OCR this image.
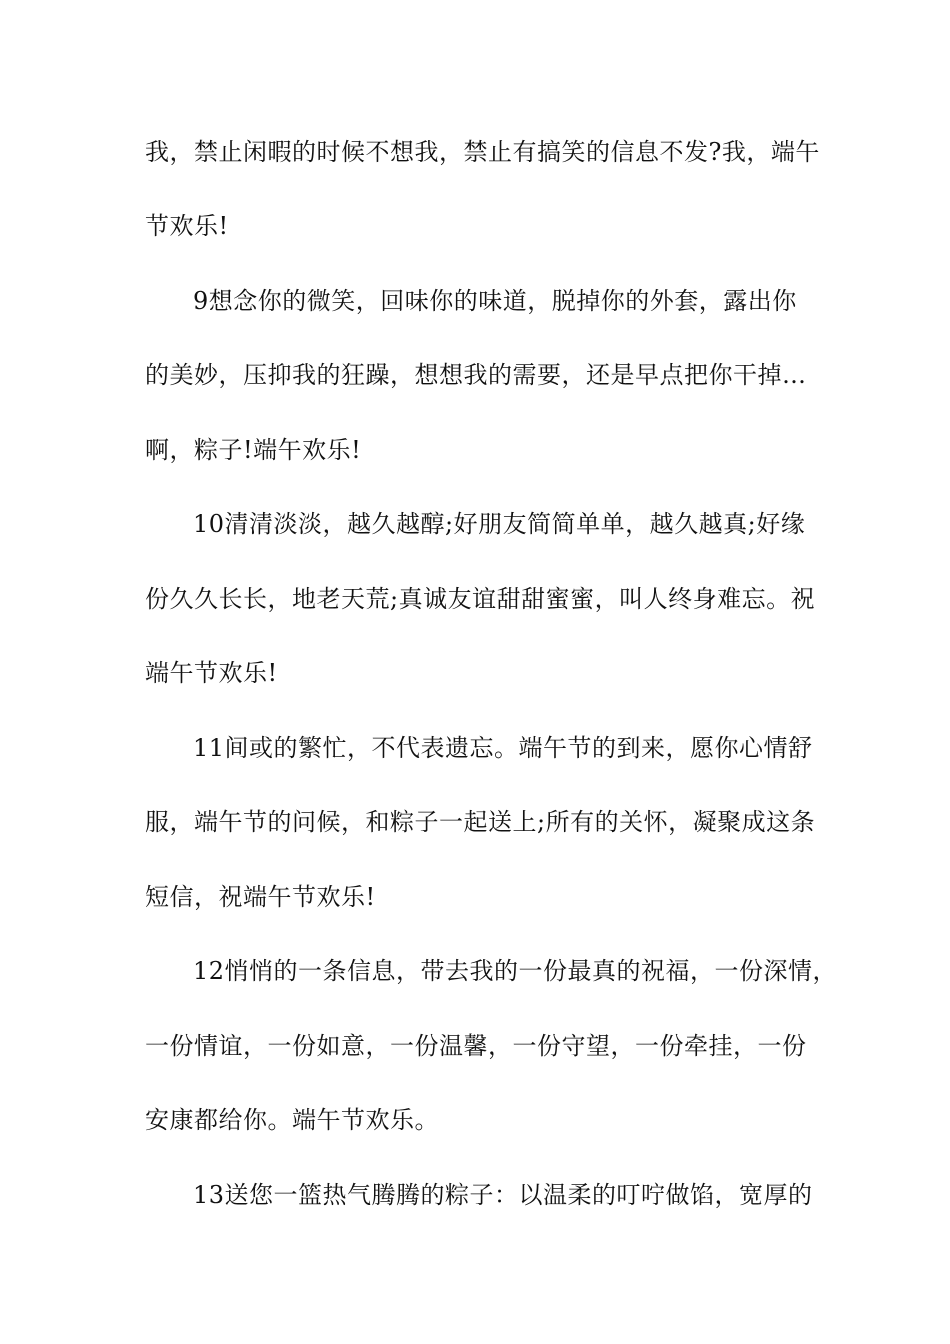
我，禁止闲暇的时候不想我，禁止有搞笑的信息不发?我，端午
节欢乐!
9想念你的微笑，回味你的味道，脱掉你的外套，露出你
的美妙，压抑我的狂躁，想想我的需要，还是早点把你干掉…
啊，粽子!端午欢乐!
10清清淡淡，越久越醇;好朋友简简单单，越久越真;好缘
份久久长长，地老天荒;真诚友谊甜甜蜜蜜，叫人终身难忘。祝
端午节欢乐!
11间或的繁忙，不代表遗忘。端午节的到来，愿你心情舒
服，端午节的问候，和粽子一起送上;所有的关怀，凝聚成这条
短信，祝端午节欢乐!
12悄悄的一条信息，带去我的一份最真的祝福，一份深情，
一份情谊，一份如意，一份温馨，一份守望，一份牵挂，一份
安康都给你。端午节欢乐。
13送您一篮热气腾腾的粽子：以温柔的叮咛做馅，宽厚的
